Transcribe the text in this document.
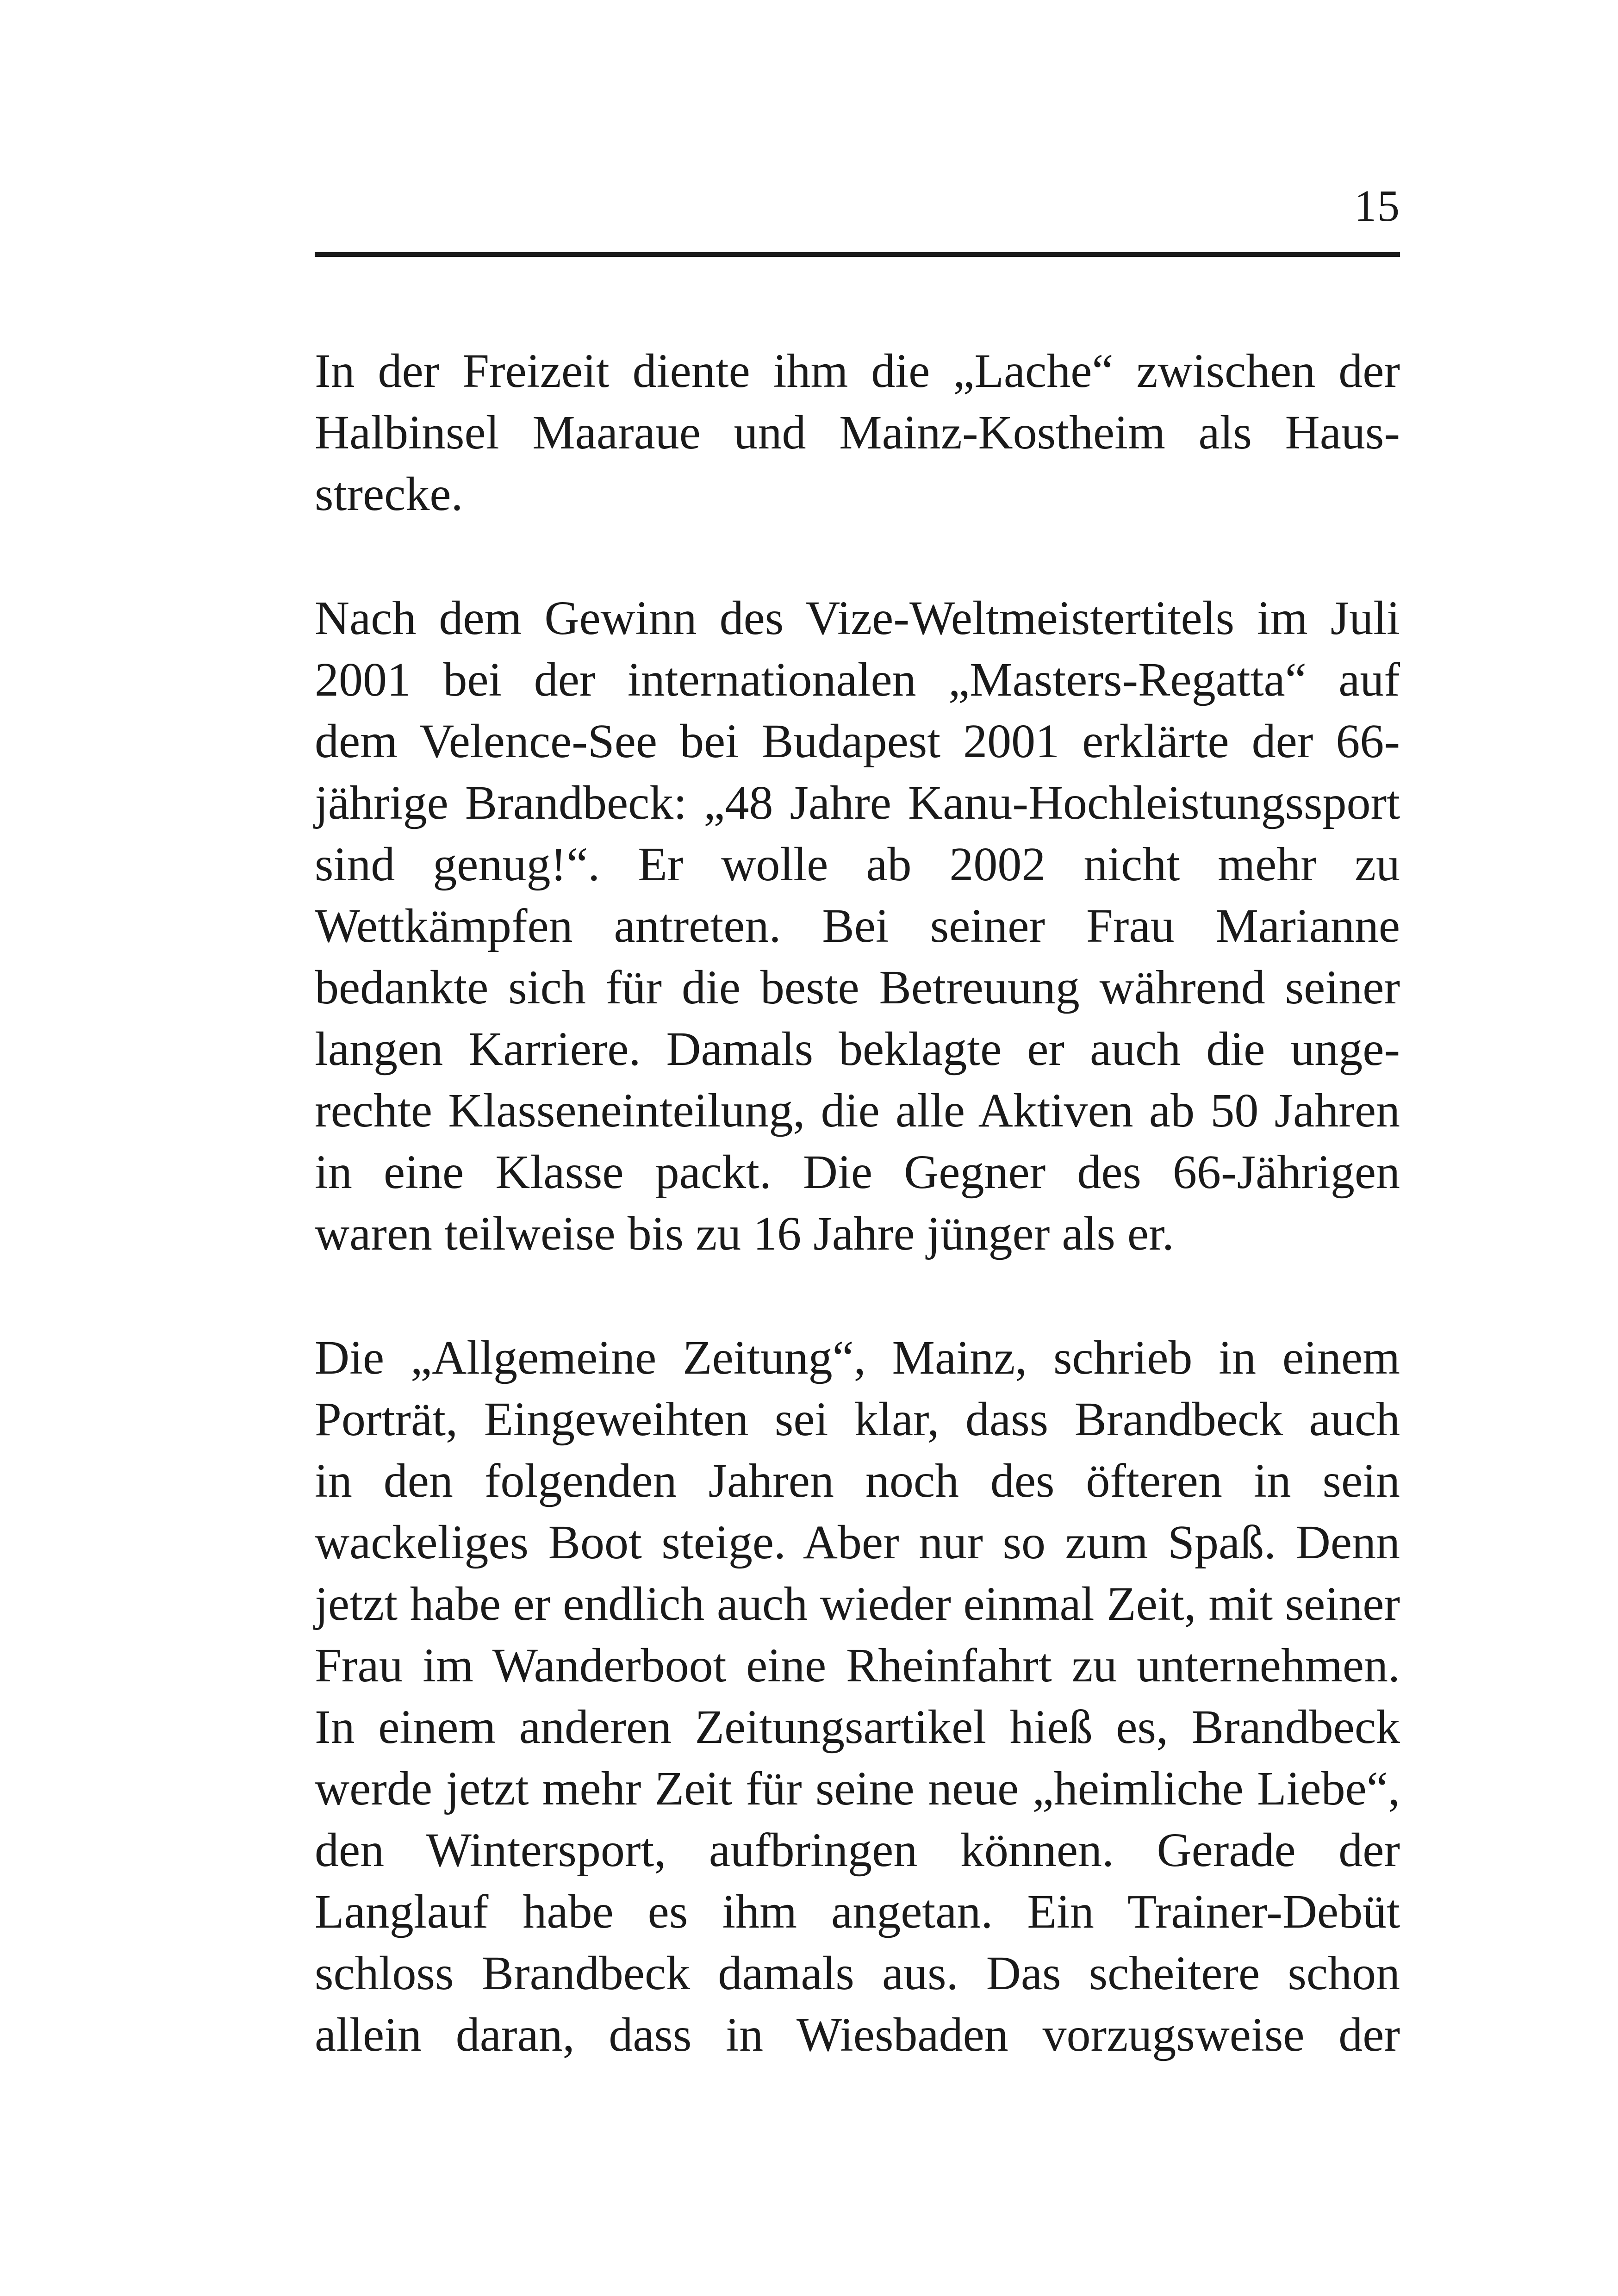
15

In der Freizeit diente ihm die „Lache“ zwischen der
Halbinsel Maaraue und Mainz-Kostheim als Haus-
strecke.

Nach dem Gewinn des Vize-Weltmeistertitels im Juli
2001 bei der internationalen „Masters-Regatta“ auf
dem Velence-See bei Budapest 2001 erklärte der 66-
jährige Brandbeck: „48 Jahre Kanu-Hochleistungssport
sind genug!“. Er wolle ab 2002 nicht mehr zu
Wettkämpfen antreten. Bei seiner Frau Marianne
bedankte sich für die beste Betreuung während seiner
langen Karriere. Damals beklagte er auch die unge-
rechte Klasseneinteilung, die alle Aktiven ab 50 Jahren
in eine Klasse packt. Die Gegner des 66-Jährigen
waren teilweise bis zu 16 Jahre jünger als er.

Die „Allgemeine Zeitung“, Mainz, schrieb in einem
Porträt, Eingeweihten sei klar, dass Brandbeck auch
in den folgenden Jahren noch des öfteren in sein
wackeliges Boot steige. Aber nur so zum Spaß. Denn
jetzt habe er endlich auch wieder einmal Zeit, mit seiner
Frau im Wanderboot eine Rheinfahrt zu unternehmen.
In einem anderen Zeitungsartikel hieß es, Brandbeck
werde jetzt mehr Zeit für seine neue „heimliche Liebe“,
den Wintersport, aufbringen können. Gerade der
Langlauf habe es ihm angetan. Ein Trainer-Debüt
schloss Brandbeck damals aus. Das scheitere schon
allein daran, dass in Wiesbaden vorzugsweise der
